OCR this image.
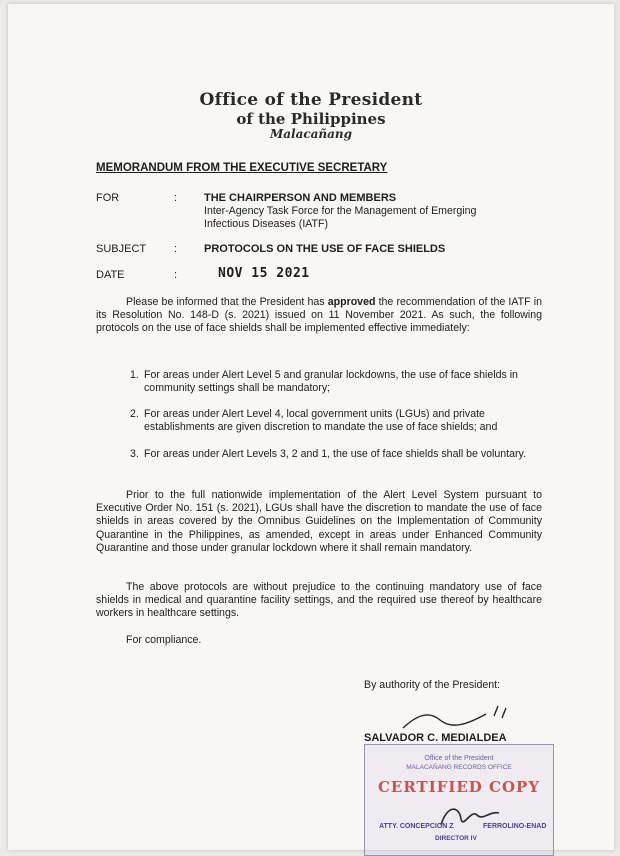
Office of the President
of the Philippines
Malacañang
MEMORANDUM FROM THE EXECUTIVE SECRETARY
FOR	: THE CHAIRPERSON AND MEMBERS
Inter-Agency Task Force for the Management of Emerging
Infectious Diseases (IATF)
SUBJECT	: PROTOCOLS ON THE USE OF FACE SHIELDS
DATE	:	NOV 15 2021

Please be informed that the President has approved the recommendation of the IATF in its Resolution No. 148-D (s. 2021) issued on 11 November 2021. As such, the following protocols on the use of face shields shall be implemented effective immediately:

1. For areas under Alert Level 5 and granular lockdowns, the use of face shields in community settings shall be mandatory;
2. For areas under Alert Level 4, local government units (LGUs) and private establishments are given discretion to mandate the use of face shields; and
3. For areas under Alert Levels 3, 2 and 1, the use of face shields shall be voluntary.

Prior to the full nationwide implementation of the Alert Level System pursuant to Executive Order No. 151 (s. 2021), LGUs shall have the discretion to mandate the use of face shields in areas covered by the Omnibus Guidelines on the Implementation of Community Quarantine in the Philippines, as amended, except in areas under Enhanced Community Quarantine and those under granular lockdown where it shall remain mandatory.

The above protocols are without prejudice to the continuing mandatory use of face shields in medical and quarantine facility settings, and the required use thereof by healthcare workers in healthcare settings.

For compliance.
By authority of the President:
SALVADOR C. MEDIALDEA
Office of the President
MALACAÑANG RECORDS OFFICE
CERTIFIED COPY
ATTY. CONCEPCION Z	FERROLINO-ENAD
DIRECTOR IV
